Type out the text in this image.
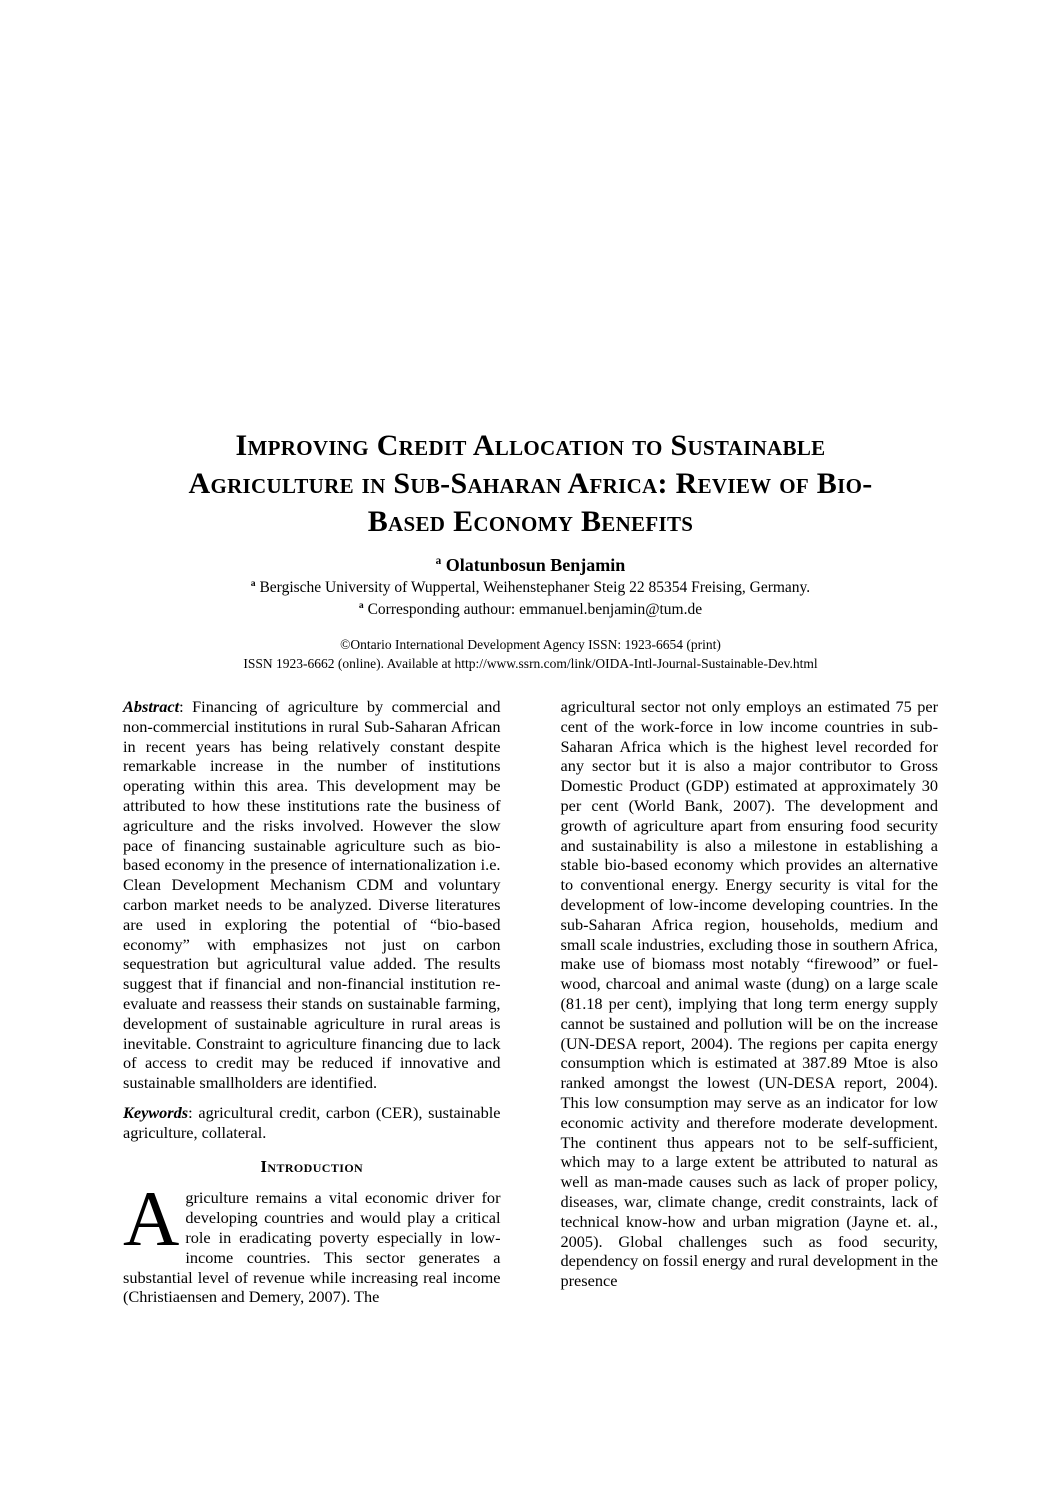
Improving Credit Allocation to Sustainable
Agriculture in Sub-Saharan Africa: Review of Bio-
Based Economy Benefits
$^a$ Olatunbosun Benjamin
$^a$ Bergische University of Wuppertal, Weihenstephaner Steig 22 85354 Freising, Germany.
$^a$ Corresponding authour: emmanuel.benjamin@tum.de
©Ontario International Development Agency ISSN: 1923-6654 (print)
ISSN 1923-6662 (online). Available at http://www.ssrn.com/link/OIDA-Intl-Journal-Sustainable-Dev.html

Abstract: Financing of agriculture by commercial and non-commercial institutions in rural Sub-Saharan African in recent years has being relatively constant despite remarkable increase in the number of institutions operating within this area. This development may be attributed to how these institutions rate the business of agriculture and the risks involved. However the slow pace of financing sustainable agriculture such as bio-based economy in the presence of internationalization i.e. Clean Development Mechanism CDM and voluntary carbon market needs to be analyzed. Diverse literatures are used in exploring the potential of “bio-based economy” with emphasizes not just on carbon sequestration but agricultural value added. The results suggest that if financial and non-financial institution re-evaluate and reassess their stands on sustainable farming, development of sustainable agriculture in rural areas is inevitable. Constraint to agriculture financing due to lack of access to credit may be reduced if innovative and sustainable smallholders are identified.

Keywords: agricultural credit, carbon (CER), sustainable agriculture, collateral.

Introduction

Agriculture remains a vital economic driver for developing countries and would play a critical role in eradicating poverty especially in low-income countries. This sector generates a substantial level of revenue while increasing real income (Christiaensen and Demery, 2007). The

agricultural sector not only employs an estimated 75 per cent of the work-force in low income countries in sub-Saharan Africa which is the highest level recorded for any sector but it is also a major contributor to Gross Domestic Product (GDP) estimated at approximately 30 per cent (World Bank, 2007). The development and growth of agriculture apart from ensuring food security and sustainability is also a milestone in establishing a stable bio-based economy which provides an alternative to conventional energy. Energy security is vital for the development of low-income developing countries. In the sub-Saharan Africa region, households, medium and small scale industries, excluding those in southern Africa, make use of biomass most notably “firewood” or fuel-wood, charcoal and animal waste (dung) on a large scale (81.18 per cent), implying that long term energy supply cannot be sustained and pollution will be on the increase (UN-DESA report, 2004). The regions per capita energy consumption which is estimated at 387.89 Mtoe is also ranked amongst the lowest (UN-DESA report, 2004). This low consumption may serve as an indicator for low economic activity and therefore moderate development. The continent thus appears not to be self-sufficient, which may to a large extent be attributed to natural as well as man-made causes such as lack of proper policy, diseases, war, climate change, credit constraints, lack of technical know-how and urban migration (Jayne et. al., 2005). Global challenges such as food security, dependency on fossil energy and rural development in the presence
